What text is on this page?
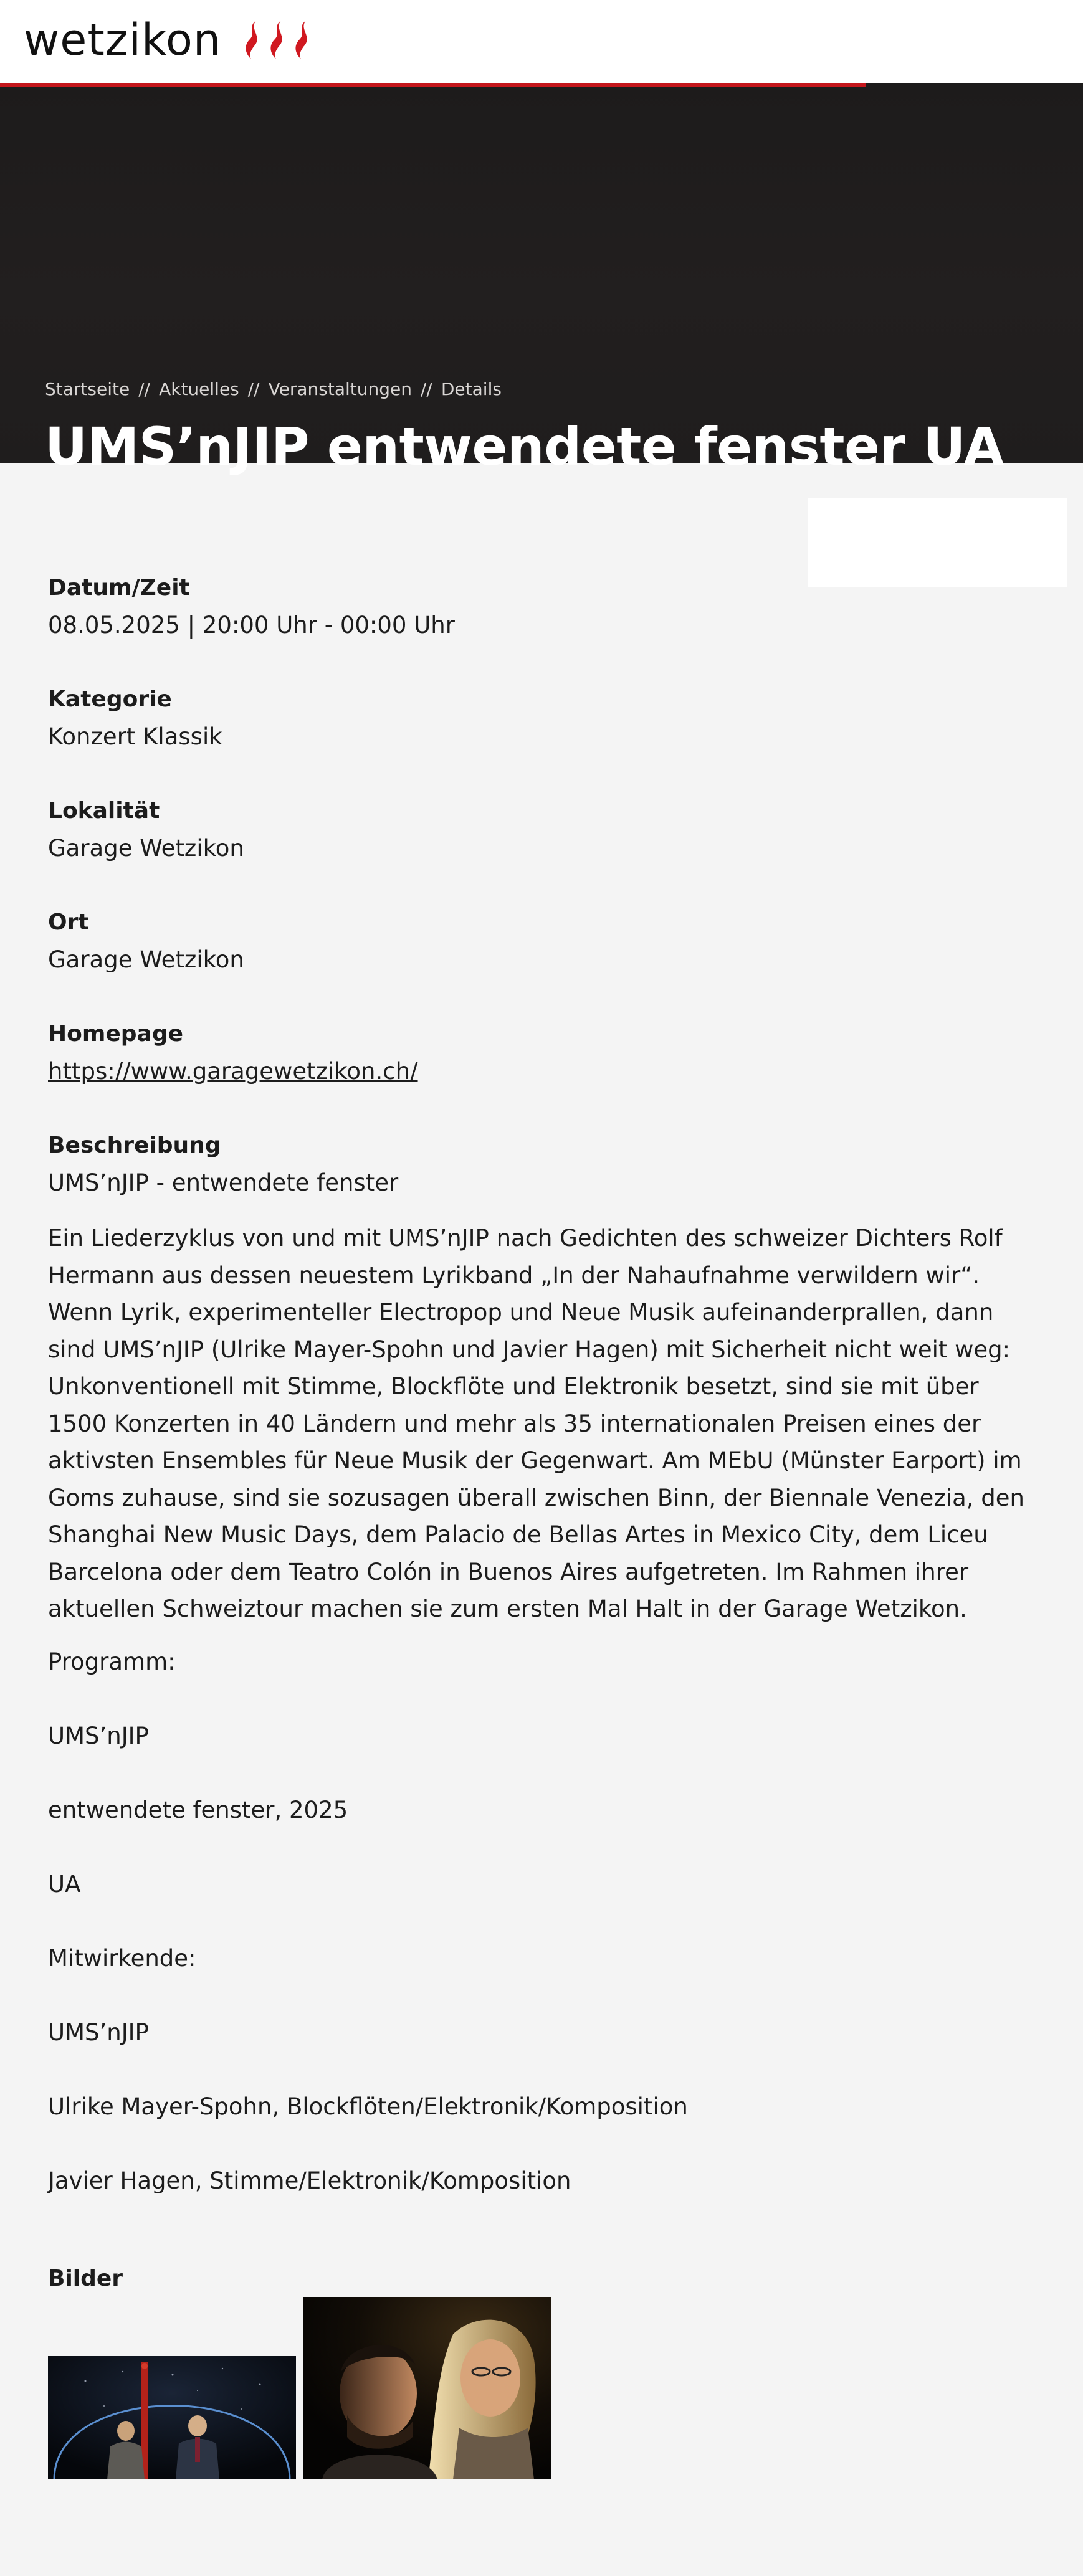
wetzikon
Startseite // Aktuelles // Veranstaltungen // Details
UMS’nJIP entwendete fenster UA
Datum/Zeit
08.05.2025 | 20:00 Uhr - 00:00 Uhr
Kategorie
Konzert Klassik
Lokalität
Garage Wetzikon
Ort
Garage Wetzikon
Homepage
https://www.garagewetzikon.ch/
Beschreibung
UMS’nJIP - entwendete fenster

Ein Liederzyklus von und mit UMS’nJIP nach Gedichten des schweizer Dichters Rolf Hermann aus dessen neuestem Lyrikband „In der Nahaufnahme verwildern wir“. Wenn Lyrik, experimenteller Electropop und Neue Musik aufeinanderprallen, dann sind UMS’nJIP (Ulrike Mayer-Spohn und Javier Hagen) mit Sicherheit nicht weit weg: Unkonventionell mit Stimme, Blockflöte und Elektronik besetzt, sind sie mit über 1500 Konzerten in 40 Ländern und mehr als 35 internationalen Preisen eines der aktivsten Ensembles für Neue Musik der Gegenwart. Am MEbU (Münster Earport) im Goms zuhause, sind sie sozusagen überall zwischen Binn, der Biennale Venezia, den Shanghai New Music Days, dem Palacio de Bellas Artes in Mexico City, dem Liceu Barcelona oder dem Teatro Colón in Buenos Aires aufgetreten. Im Rahmen ihrer aktuellen Schweiztour machen sie zum ersten Mal Halt in der Garage Wetzikon.

Programm:
UMS’nJIP
entwendete fenster, 2025
UA
Mitwirkende:
UMS’nJIP
Ulrike Mayer-Spohn, Blockflöten/Elektronik/Komposition
Javier Hagen, Stimme/Elektronik/Komposition
Bilder
